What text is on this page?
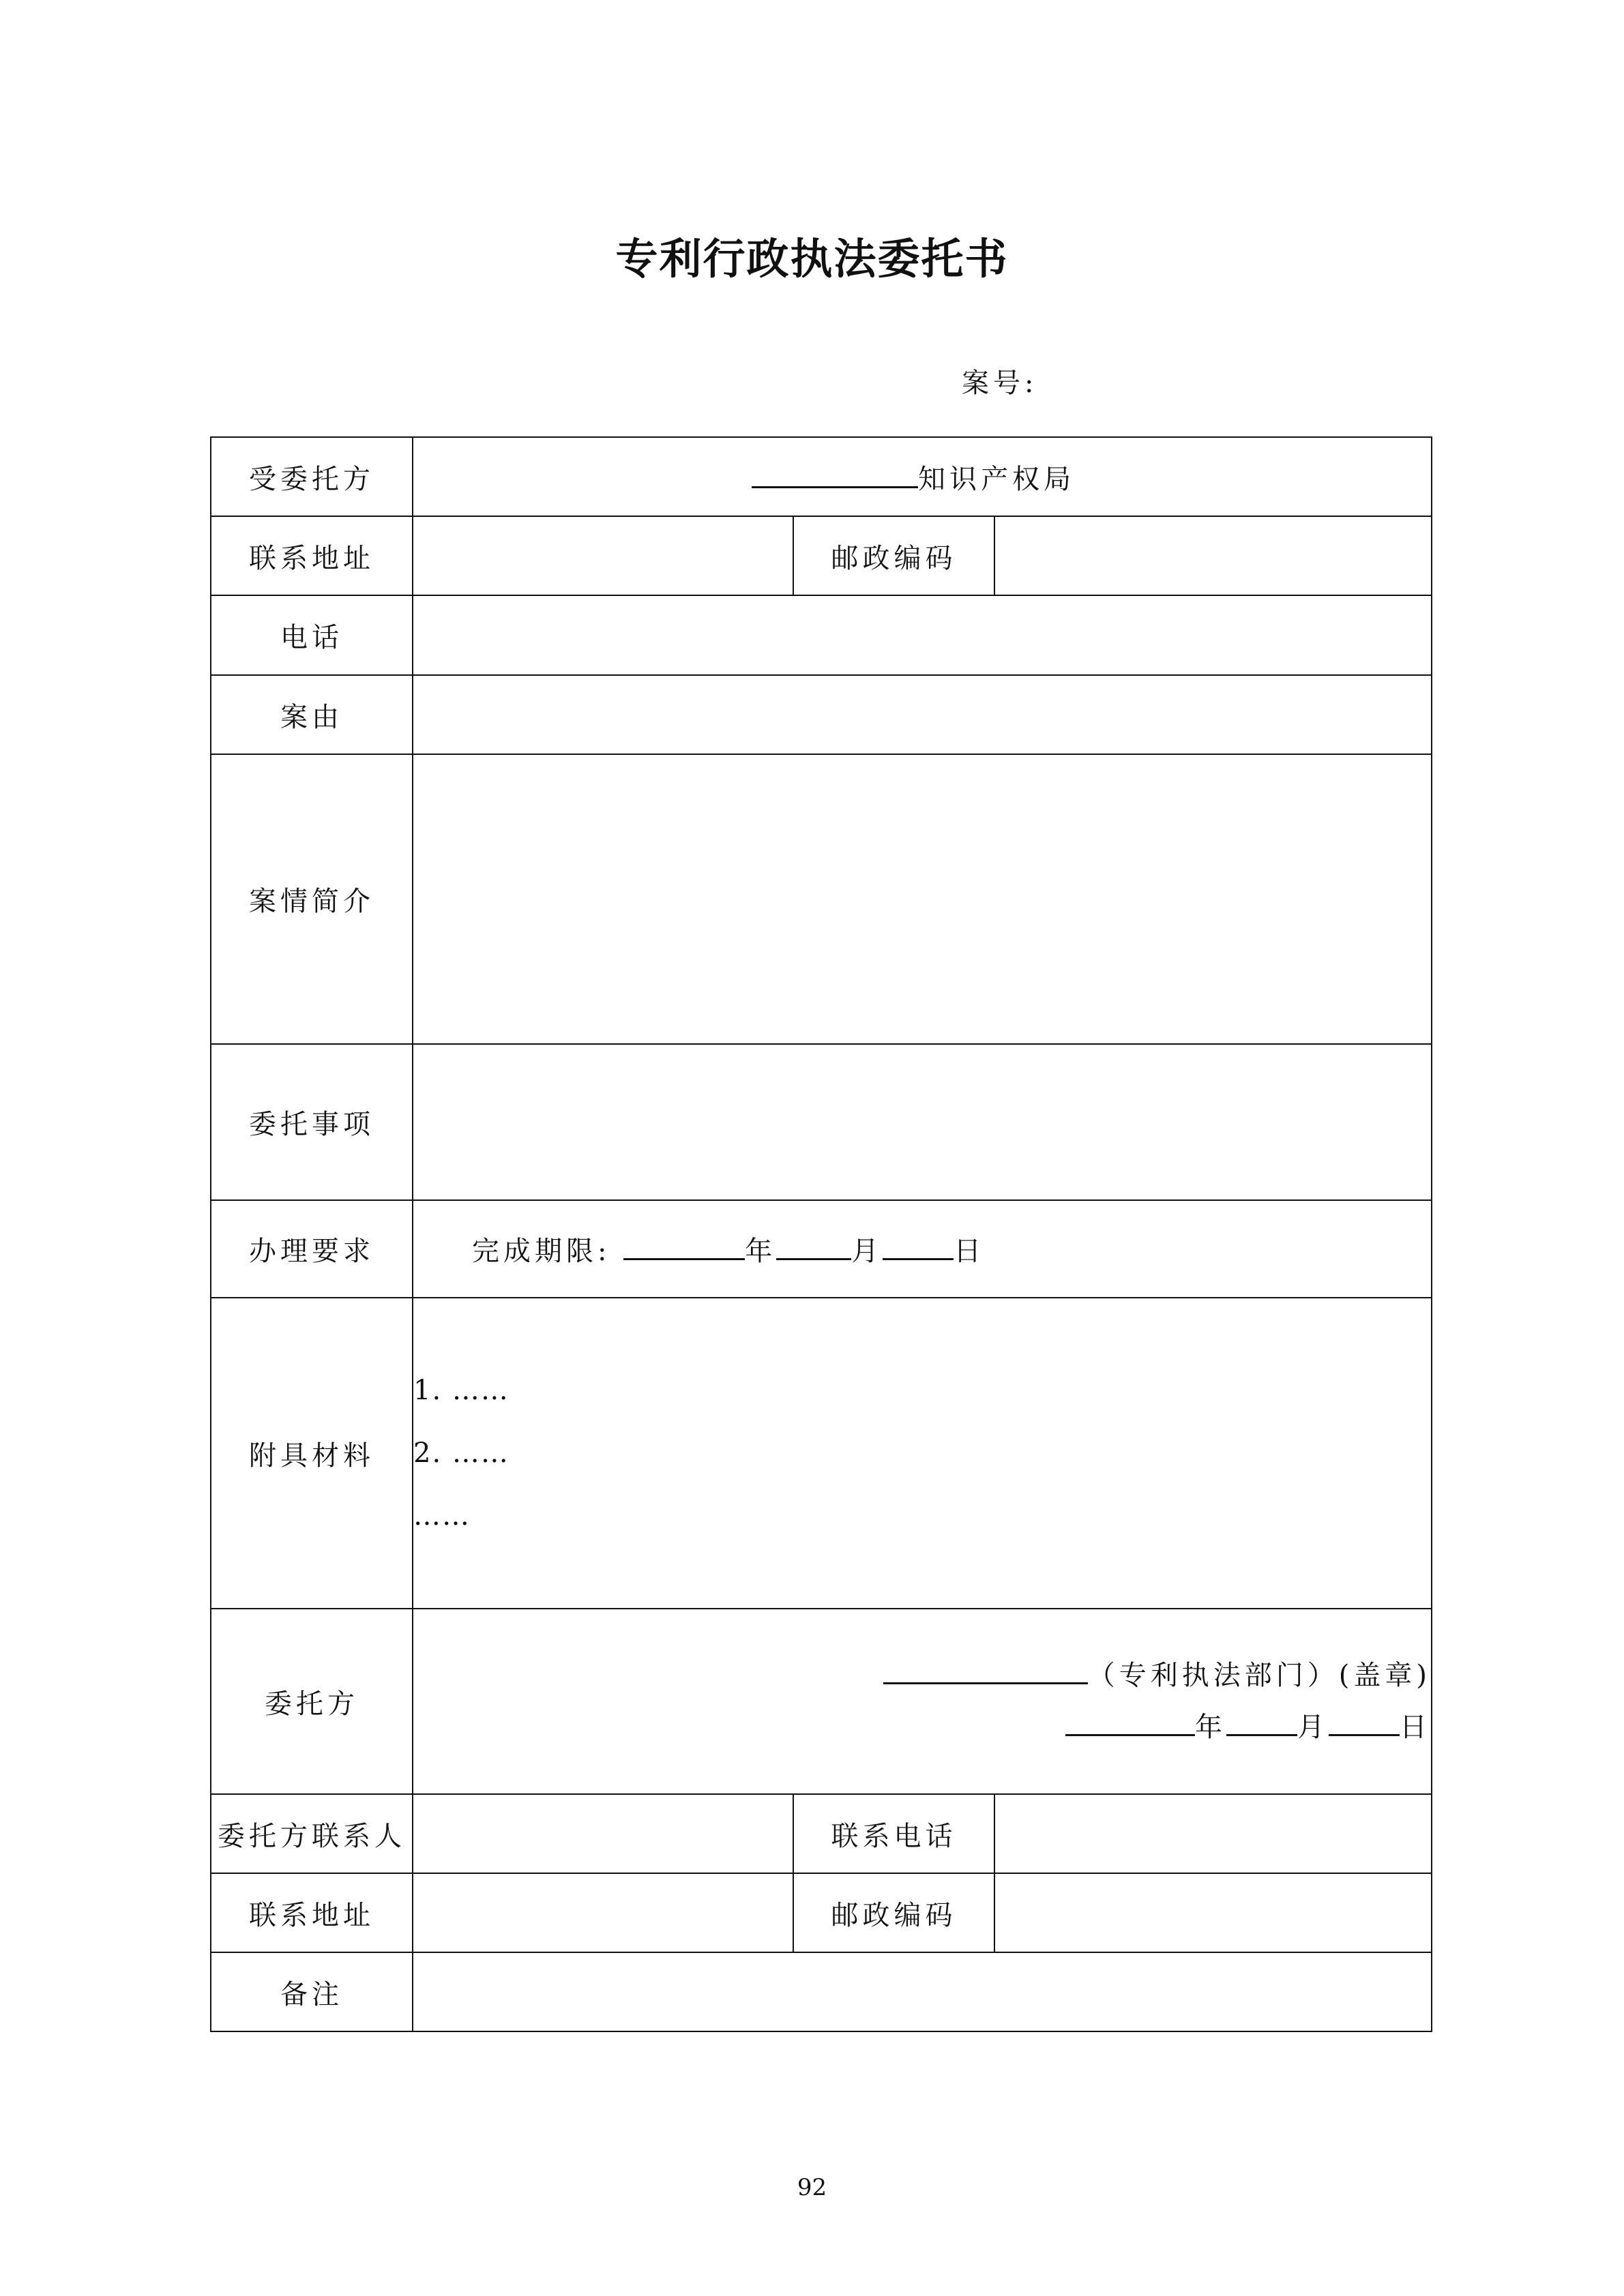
专利行政执法委托书
案号:
受委托方	知识产权局		
联系地址		邮政编码	
电话			
案由			
案情简介			
委托事项			
办理要求	完成期限: 年 月 日		
附具材料	1. ……
2. ……
……		

委托方	（专利执法部门）(盖章)
年 月 日		

委托方联系人		联系电话	
联系地址		邮政编码	
备注			
92
